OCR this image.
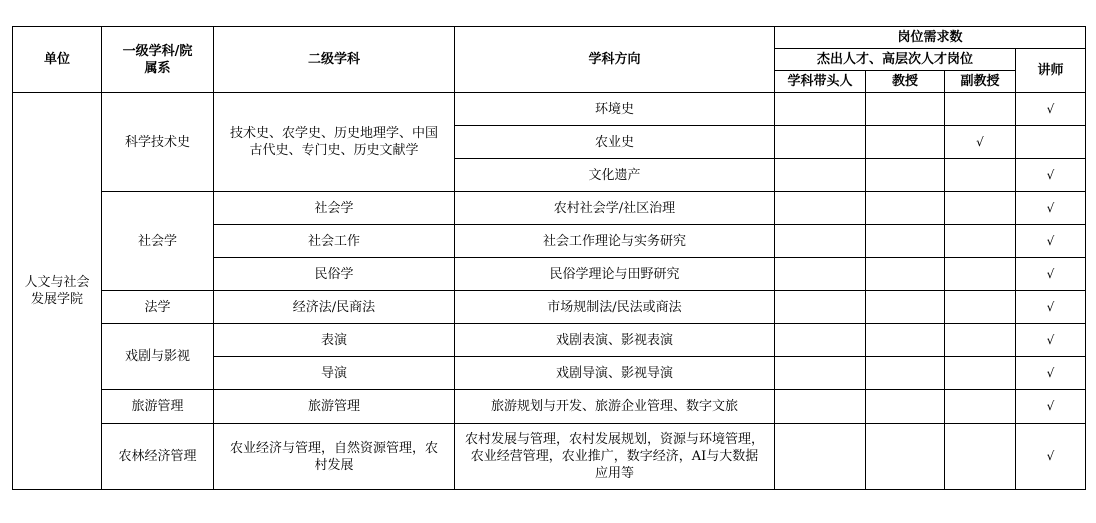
单位	一级学科/院属系	二级学科	学科方向	岗位需求数			
				杰出人才、高层次人才岗位			讲师
				学科带头人	教授	副教授	
人文与社会发展学院	科学技术史	技术史、农学史、历史地理学、中国古代史、专门史、历史文献学	环境史				√
			农业史			√	
			文化遗产				√
	社会学	社会学	农村社会学/社区治理				√
		社会工作	社会工作理论与实务研究				√
		民俗学	民俗学理论与田野研究				√
	法学	经济法/民商法	市场规制法/民法或商法				√
	戏剧与影视	表演	戏剧表演、影视表演				√
		导演	戏剧导演、影视导演				√
	旅游管理	旅游管理	旅游规划与开发、旅游企业管理、数字文旅				√
	农林经济管理	农业经济与管理，自然资源管理，农村发展	农村发展与管理，农村发展规划，资源与环境管理，农业经营管理，农业推广，数字经济，AI与大数据应用等				√
